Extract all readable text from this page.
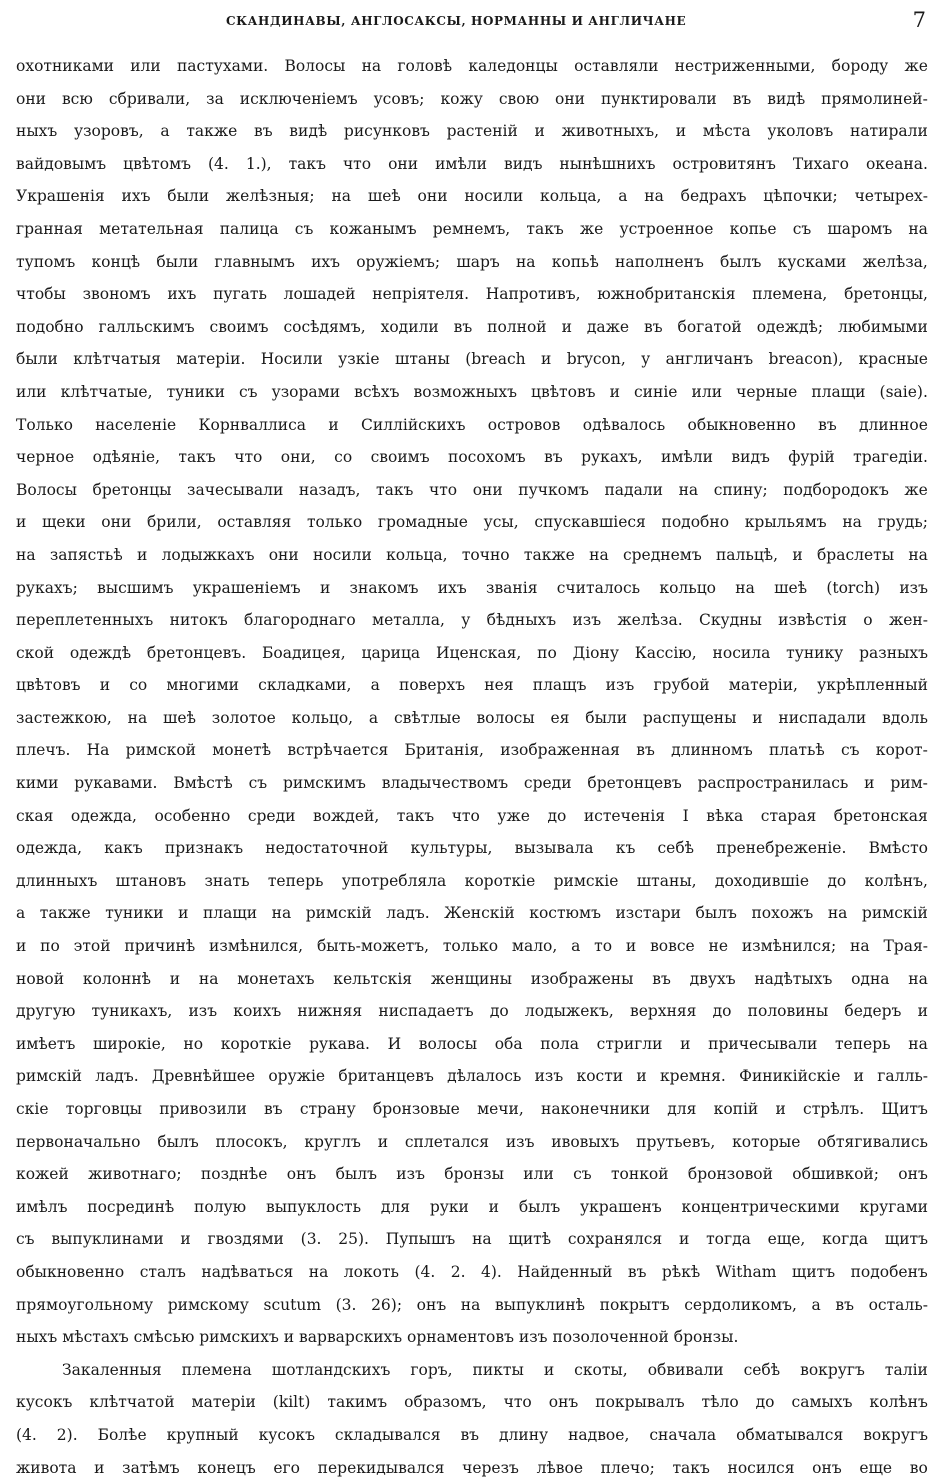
СКАНДИНАВЫ, АНГЛОСАКСЫ, НОРМАННЫ И АНГЛИЧАНЕ	7
охотниками или пастухами. Волосы на головѣ каледонцы оставляли нестриженными, бороду же
они всю сбривали, за исключеніемъ усовъ; кожу свою они пунктировали въ видѣ прямолиней-
ныхъ узоровъ, а также въ видѣ рисунковъ растеній и животныхъ, и мѣста уколовъ натирали
вайдовымъ цвѣтомъ (4. 1.), такъ что они имѣли видъ нынѣшнихъ островитянъ Тихаго океана.
Украшенія ихъ были желѣзныя; на шеѣ они носили кольца, а на бедрахъ цѣпочки; четырех-
гранная метательная палица съ кожанымъ ремнемъ, такъ же устроенное копье съ шаромъ на
тупомъ концѣ были главнымъ ихъ оружіемъ; шаръ на копьѣ наполненъ былъ кусками желѣза,
чтобы звономъ ихъ пугать лошадей непріятеля. Напротивъ, южнобританскія племена, бретонцы,
подобно галльскимъ своимъ сосѣдямъ, ходили въ полной и даже въ богатой одеждѣ; любимыми
были клѣтчатыя матеріи. Носили узкіе штаны (breach и brycon, у англичанъ breacon), красные
или клѣтчатые, туники съ узорами всѣхъ возможныхъ цвѣтовъ и синіе или черные плащи (saie).
Только населеніе Корнваллиса и Силлійскихъ островов одѣвалось обыкновенно въ длинное
черное одѣяніе, такъ что они, со своимъ посохомъ въ рукахъ, имѣли видъ фурій трагедіи.
Волосы бретонцы зачесывали назадъ, такъ что они пучкомъ падали на спину; подбородокъ же
и щеки они брили, оставляя только громадные усы, спускавшіеся подобно крыльямъ на грудь;
на запястьѣ и лодыжкахъ они носили кольца, точно также на среднемъ пальцѣ, и браслеты на
рукахъ; высшимъ украшеніемъ и знакомъ ихъ званія считалось кольцо на шеѣ (torch) изъ
переплетенныхъ нитокъ благороднаго металла, у бѣдныхъ изъ желѣза. Скудны извѣстія о жен-
ской одеждѣ бретонцевъ. Боадицея, царица Иценская, по Діону Кассію, носила тунику разныхъ
цвѣтовъ и со многими складками, а поверхъ нея плащъ изъ грубой матеріи, укрѣпленный
застежкою, на шеѣ золотое кольцо, а свѣтлые волосы ея были распущены и ниспадали вдоль
плечъ. На римской монетѣ встрѣчается Британія, изображенная въ длинномъ платьѣ съ корот-
кими рукавами. Вмѣстѣ съ римскимъ владычествомъ среди бретонцевъ распространилась и рим-
ская одежда, особенно среди вождей, такъ что уже до истеченія I вѣка старая бретонская
одежда, какъ признакъ недостаточной культуры, вызывала къ себѣ пренебреженіе. Вмѣсто
длинныхъ штановъ знать теперь употребляла короткіе римскіе штаны, доходившіе до колѣнъ,
а также туники и плащи на римскій ладъ. Женскій костюмъ изстари былъ похожъ на римскій
и по этой причинѣ измѣнился, быть-можетъ, только мало, а то и вовсе не измѣнился; на Трая-
новой колоннѣ и на монетахъ кельтскія женщины изображены въ двухъ надѣтыхъ одна на
другую туникахъ, изъ коихъ нижняя ниспадаетъ до лодыжекъ, верхняя до половины бедеръ и
имѣетъ широкіе, но короткіе рукава. И волосы оба пола стригли и причесывали теперь на
римскій ладъ. Древнѣйшее оружіе британцевъ дѣлалось изъ кости и кремня. Финикійскіе и галль-
скіе торговцы привозили въ страну бронзовые мечи, наконечники для копій и стрѣлъ. Щитъ
первоначально былъ плосокъ, круглъ и сплетался изъ ивовыхъ прутьевъ, которые обтягивались
кожей животнаго; позднѣе онъ былъ изъ бронзы или съ тонкой бронзовой обшивкой; онъ
имѣлъ посрединѣ полую выпуклость для руки и былъ украшенъ концентрическими кругами
съ выпуклинами и гвоздями (3. 25). Пупышъ на щитѣ сохранялся и тогда еще, когда щитъ
обыкновенно сталъ надѣваться на локоть (4. 2. 4). Найденный въ рѣкѣ Witham щитъ подобенъ
прямоугольному римскому scutum (3. 26); онъ на выпуклинѣ покрытъ сердоликомъ, а въ осталь-
ныхъ мѣстахъ смѣсью римскихъ и варварскихъ орнаментовъ изъ позолоченной бронзы.
Закаленныя племена шотландскихъ горъ, пикты и скоты, обвивали себѣ вокругъ таліи
кусокъ клѣтчатой матеріи (kilt) такимъ образомъ, что онъ покрывалъ тѣло до самыхъ колѣнъ
(4. 2). Болѣе крупный кусокъ складывался въ длину надвое, сначала обматывался вокругъ
живота и затѣмъ конецъ его перекидывался черезъ лѣвое плечо; такъ носился онъ еще во
